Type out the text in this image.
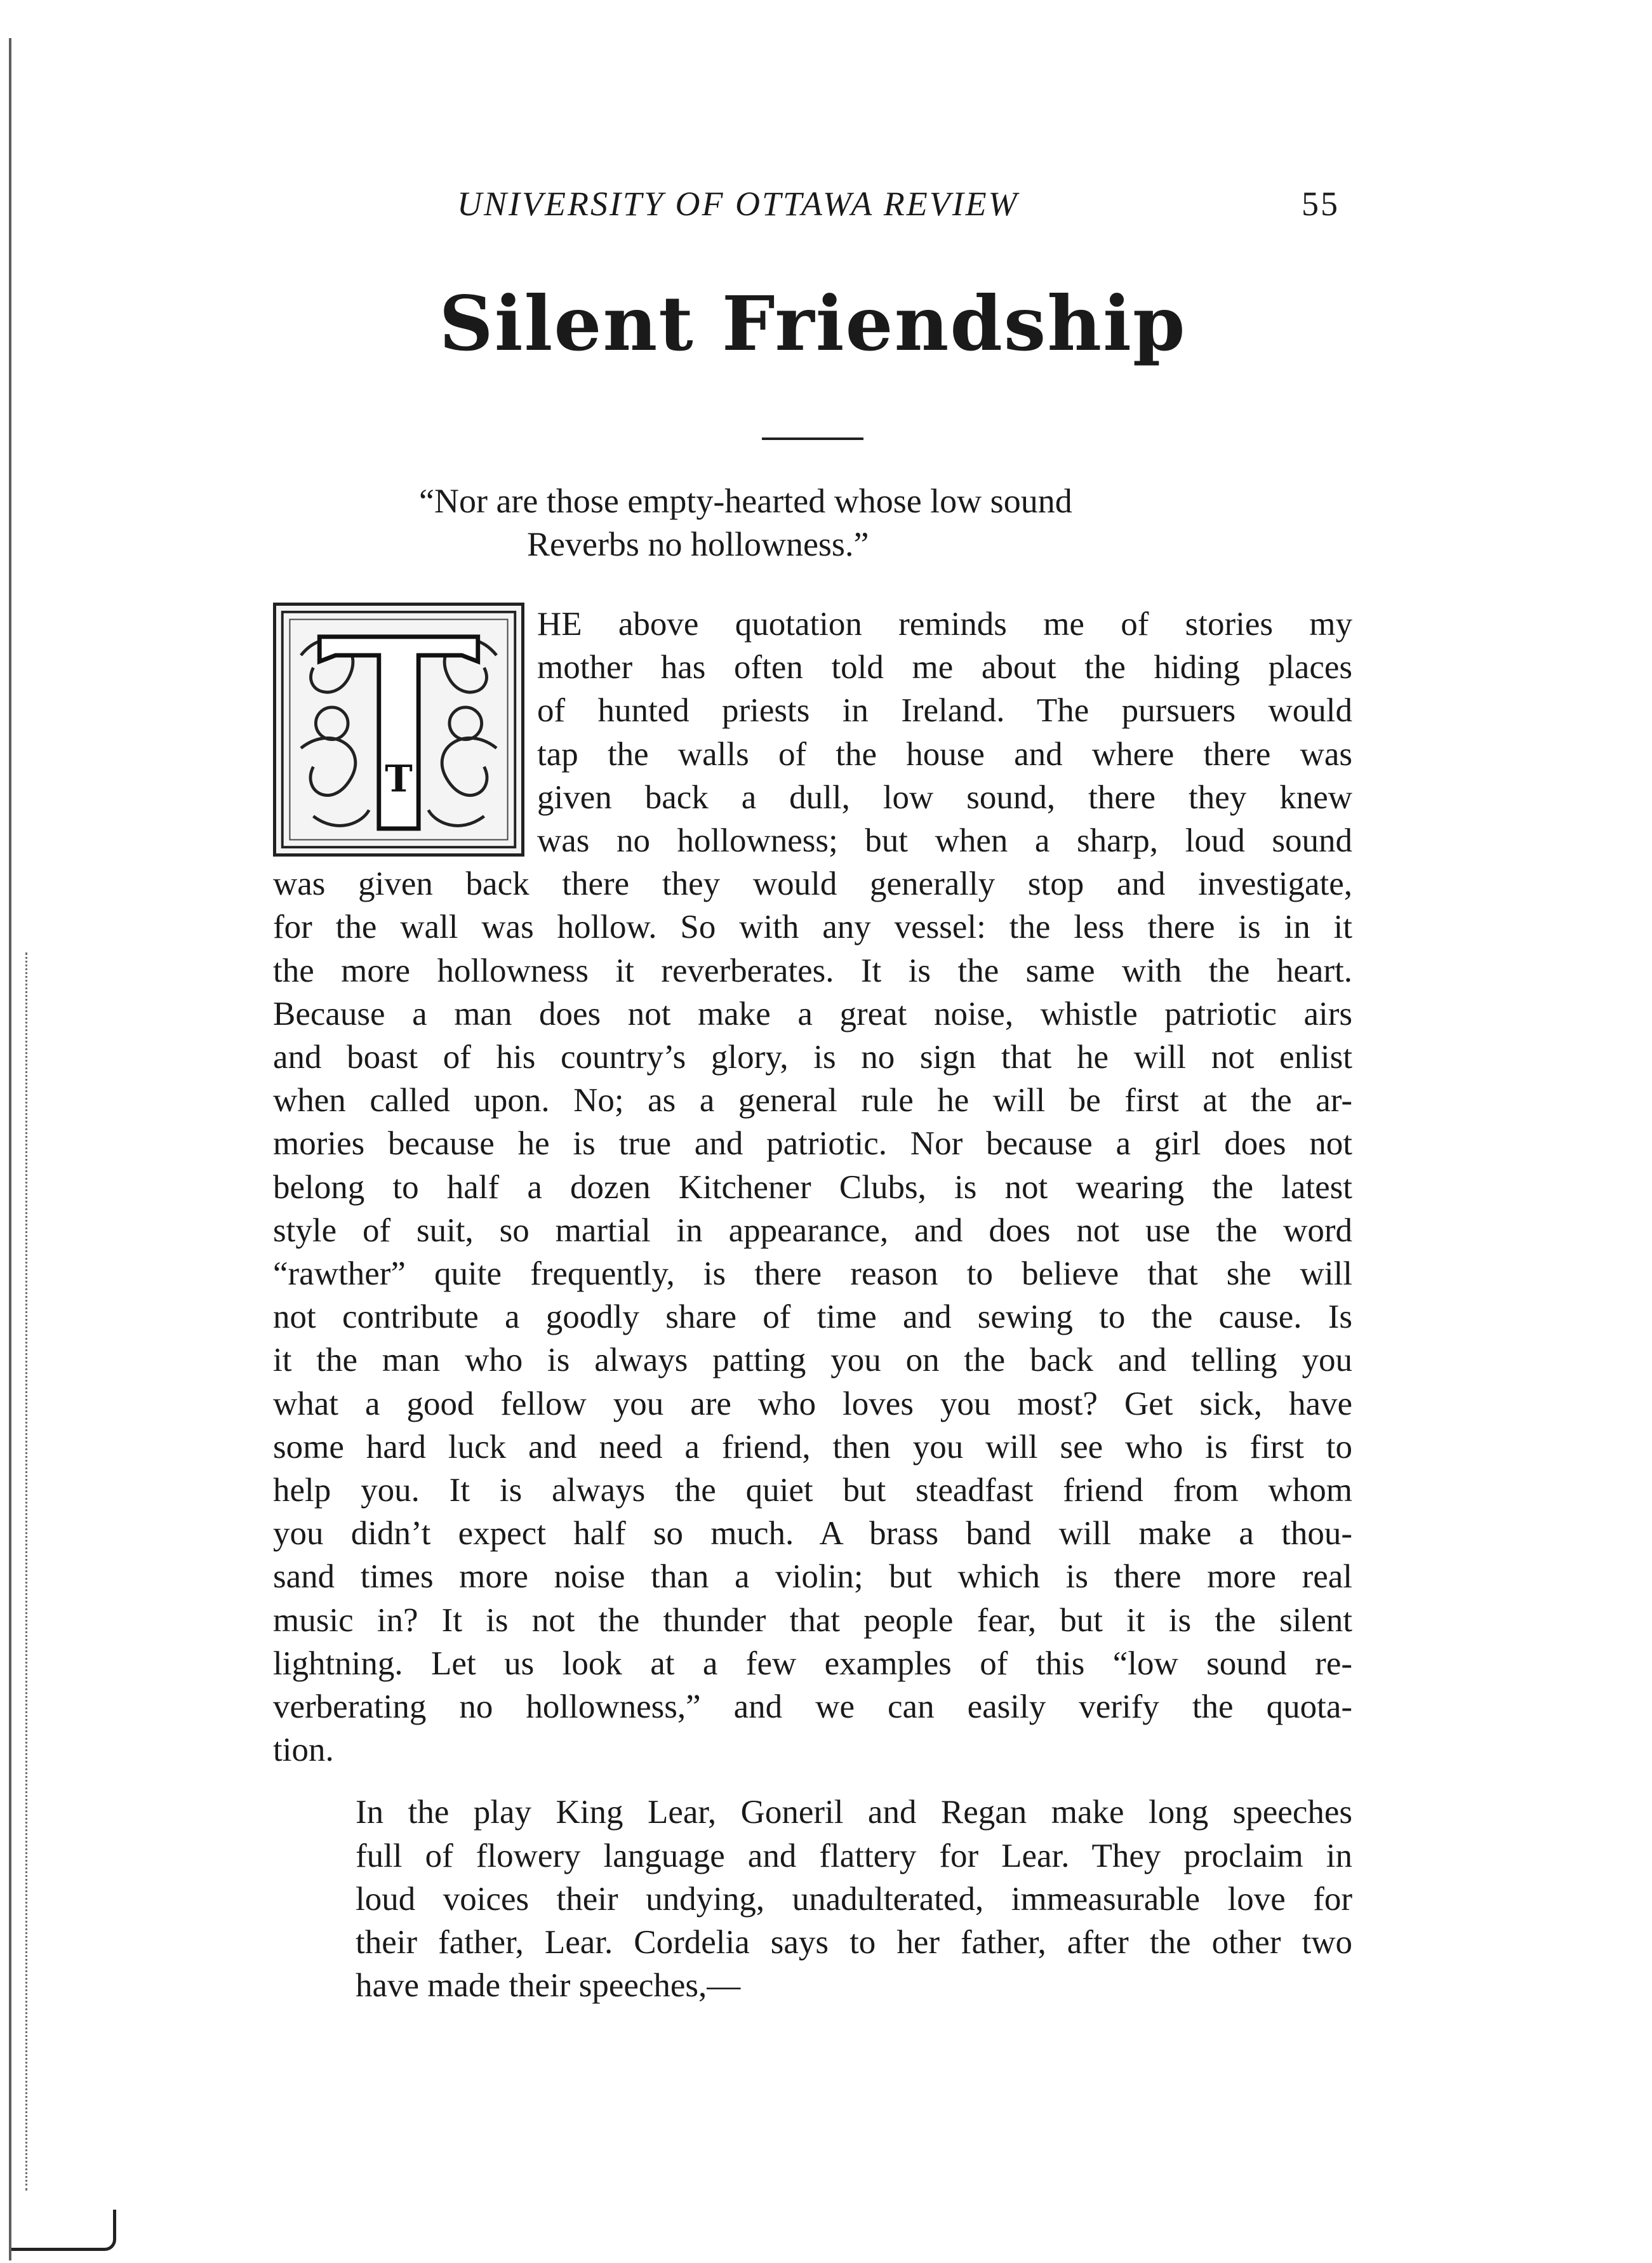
UNIVERSITY OF OTTAWA REVIEW	55
Silent Friendship
“Nor are those empty-hearted whose low sound
Reverbs no hollowness.”
T
HE above quotation reminds me of stories my
mother has often told me about the hiding places
of hunted priests in Ireland. The pursuers would
tap the walls of the house and where there was
given back a dull, low sound, there they knew
was no hollowness; but when a sharp, loud sound
was given back there they would generally stop and investigate,
for the wall was hollow. So with any vessel: the less there is in it
the more hollowness it reverberates. It is the same with the heart.
Because a man does not make a great noise, whistle patriotic airs
and boast of his country’s glory, is no sign that he will not enlist
when called upon. No; as a general rule he will be first at the ar-
mories because he is true and patriotic. Nor because a girl does not
belong to half a dozen Kitchener Clubs, is not wearing the latest
style of suit, so martial in appearance, and does not use the word
“rawther” quite frequently, is there reason to believe that she will
not contribute a goodly share of time and sewing to the cause. Is
it the man who is always patting you on the back and telling you
what a good fellow you are who loves you most? Get sick, have
some hard luck and need a friend, then you will see who is first to
help you. It is always the quiet but steadfast friend from whom
you didn’t expect half so much. A brass band will make a thou-
sand times more noise than a violin; but which is there more real
music in? It is not the thunder that people fear, but it is the silent
lightning. Let us look at a few examples of this “low sound re-
verberating no hollowness,” and we can easily verify the quota-
tion.
In the play King Lear, Goneril and Regan make long speeches
full of flowery language and flattery for Lear. They proclaim in
loud voices their undying, unadulterated, immeasurable love for
their father, Lear. Cordelia says to her father, after the other two
have made their speeches,—
